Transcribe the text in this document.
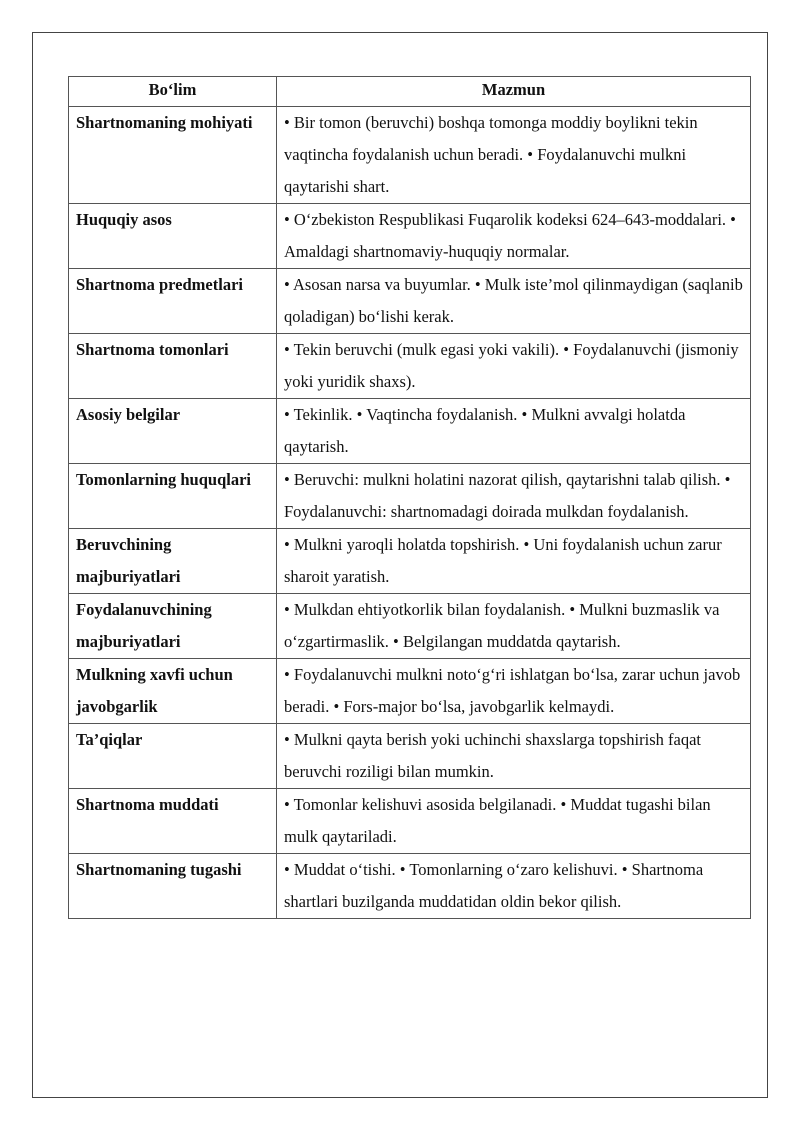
Bo‘lim	Mazmun
Shartnomaning mohiyati	• Bir tomon (beruvchi) boshqa tomonga moddiy boylikni tekin vaqtincha foydalanish uchun beradi. • Foydalanuvchi mulkni qaytarishi shart.
Huquqiy asos	• O‘zbekiston Respublikasi Fuqarolik kodeksi 624–643-moddalari. • Amaldagi shartnomaviy-huquqiy normalar.
Shartnoma predmetlari	• Asosan narsa va buyumlar. • Mulk iste’mol qilinmaydigan (saqlanib qoladigan) bo‘lishi kerak.
Shartnoma tomonlari	• Tekin beruvchi (mulk egasi yoki vakili). • Foydalanuvchi (jismoniy yoki yuridik shaxs).
Asosiy belgilar	• Tekinlik. • Vaqtincha foydalanish. • Mulkni avvalgi holatda qaytarish.
Tomonlarning huquqlari	• Beruvchi: mulkni holatini nazorat qilish, qaytarishni talab qilish. • Foydalanuvchi: shartnomadagi doirada mulkdan foydalanish.
Beruvchining majburiyatlari	• Mulkni yaroqli holatda topshirish. • Uni foydalanish uchun zarur sharoit yaratish.
Foydalanuvchining majburiyatlari	• Mulkdan ehtiyotkorlik bilan foydalanish. • Mulkni buzmaslik va o‘zgartirmaslik. • Belgilangan muddatda qaytarish.
Mulkning xavfi uchun javobgarlik	• Foydalanuvchi mulkni noto‘g‘ri ishlatgan bo‘lsa, zarar uchun javob beradi. • Fors-major bo‘lsa, javobgarlik kelmaydi.
Ta’qiqlar	• Mulkni qayta berish yoki uchinchi shaxslarga topshirish faqat beruvchi roziligi bilan mumkin.
Shartnoma muddati	• Tomonlar kelishuvi asosida belgilanadi. • Muddat tugashi bilan mulk qaytariladi.
Shartnomaning tugashi	• Muddat o‘tishi. • Tomonlarning o‘zaro kelishuvi. • Shartnoma shartlari buzilganda muddatidan oldin bekor qilish.
